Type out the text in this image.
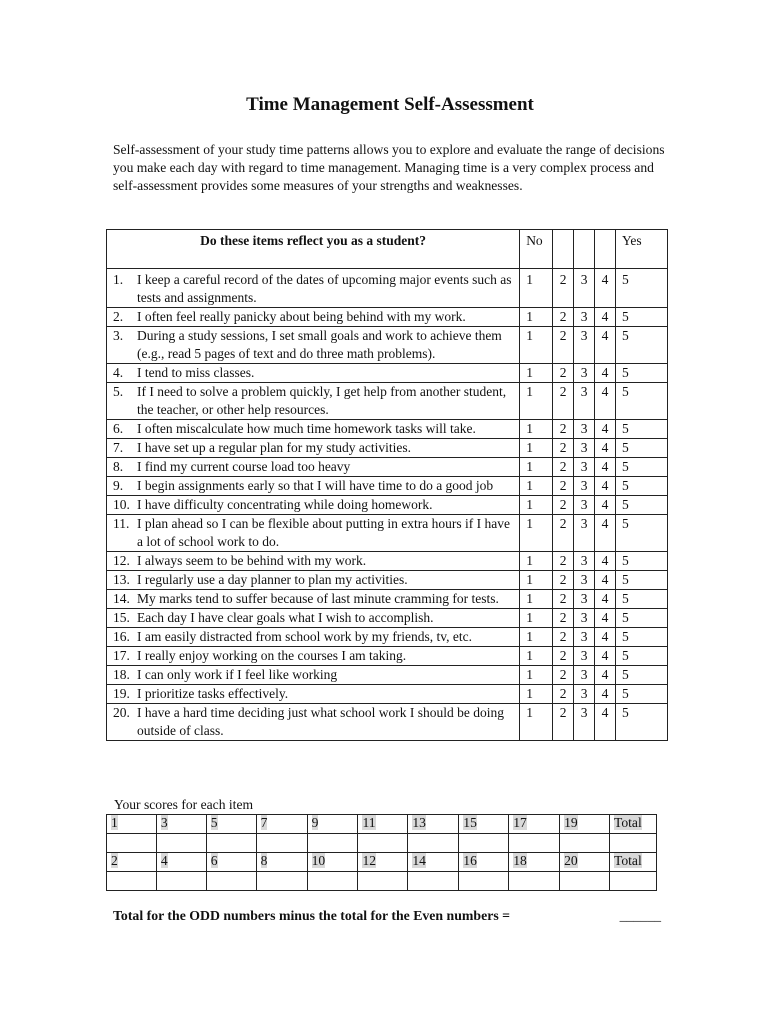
Time Management Self-Assessment
Self-assessment of your study time patterns allows you to explore and evaluate the range of decisions you make each day with regard to time management. Managing time is a very complex process and self-assessment provides some measures of your strengths and weaknesses.
Do these items reflect you as a student?	No				Yes

1. I keep a careful record of the dates of upcoming major events such as tests and assignments.	1	2	3	4	5

2. I often feel really panicky about being behind with my work.	1	2	3	4	5

3. During a study sessions, I set small goals and work to achieve them (e.g., read 5 pages of text and do three math problems).	1	2	3	4	5

4. I tend to miss classes.	1	2	3	4	5

5. If I need to solve a problem quickly, I get help from another student, the teacher, or other help resources.	1	2	3	4	5

6. I often miscalculate how much time homework tasks will take.	1	2	3	4	5

7. I have set up a regular plan for my study activities.	1	2	3	4	5

8. I find my current course load too heavy	1	2	3	4	5

9. I begin assignments early so that I will have time to do a good job	1	2	3	4	5

10. I have difficulty concentrating while doing homework.	1	2	3	4	5

11. I plan ahead so I can be flexible about putting in extra hours if I have a lot of school work to do.	1	2	3	4	5

12. I always seem to be behind with my work.	1	2	3	4	5

13. I regularly use a day planner to plan my activities.	1	2	3	4	5

14. My marks tend to suffer because of last minute cramming for tests.	1	2	3	4	5

15. Each day I have clear goals what I wish to accomplish.	1	2	3	4	5

16. I am easily distracted from school work by my friends, tv, etc.	1	2	3	4	5

17. I really enjoy working on the courses I am taking.	1	2	3	4	5

18. I can only work if I feel like working	1	2	3	4	5

19. I prioritize tasks effectively.	1	2	3	4	5

20. I have a hard time deciding just what school work I should be doing outside of class.	1	2	3	4	5
Your scores for each item
1	3	5	7	9	11	13	15	17	19	Total

2	4	6	8	10	12	14	16	18	20	Total

Total for the ODD numbers minus the total for the Even numbers =	______
